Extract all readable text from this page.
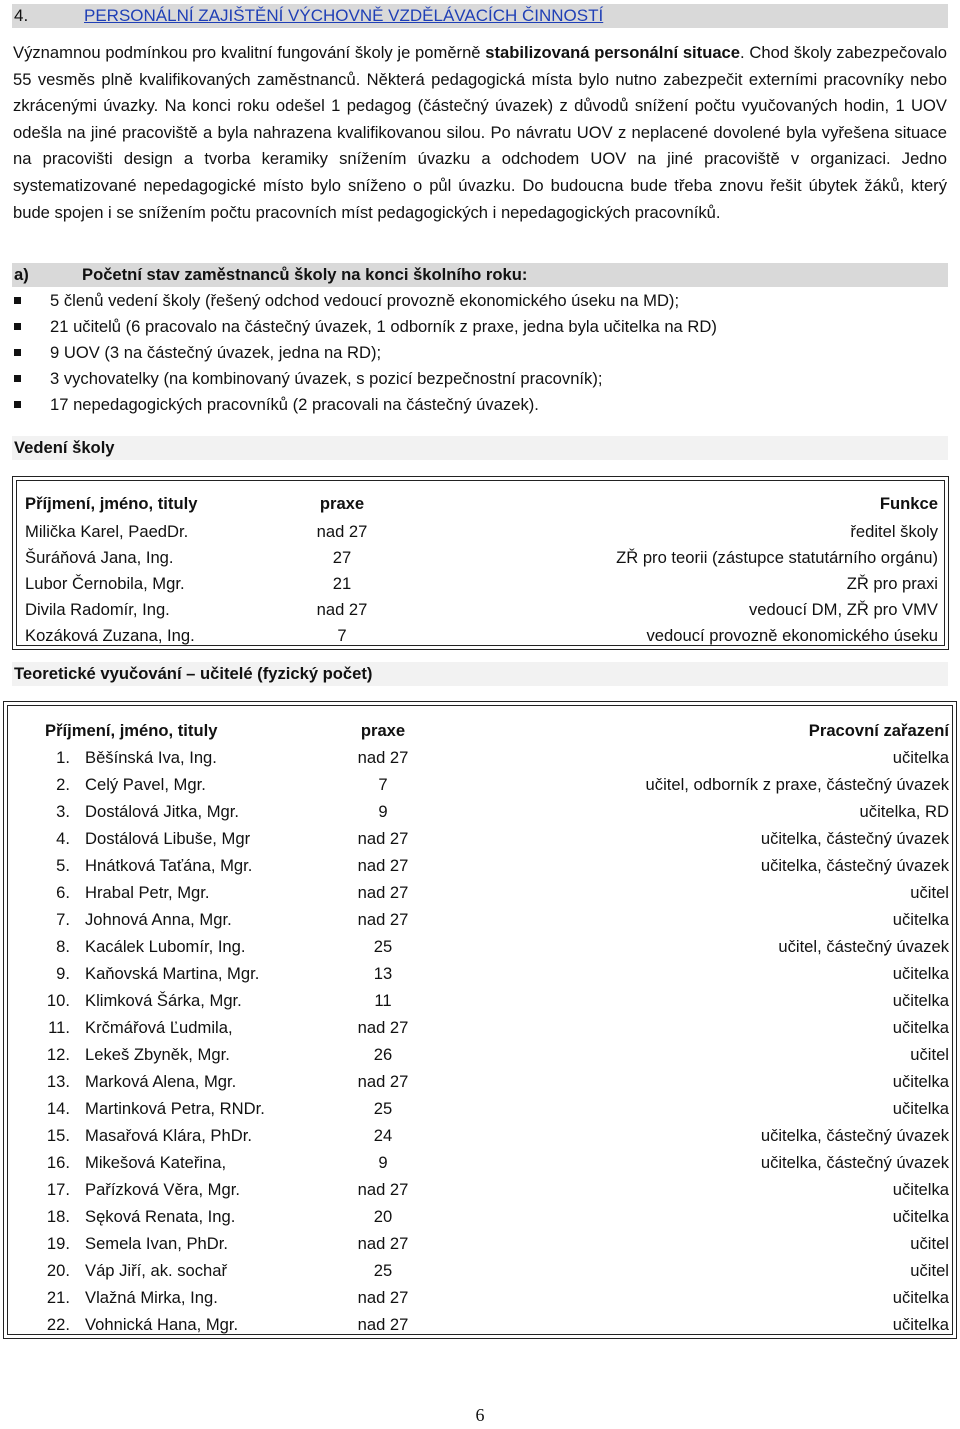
4.	PERSONÁLNÍ ZAJIŠTĚNÍ VÝCHOVNĚ VZDĚLÁVACÍCH ČINNOSTÍ

Významnou podmínkou pro kvalitní fungování školy je poměrně stabilizovaná personální situace. Chod školy zabezpečovalo 55 vesměs plně kvalifikovaných zaměstnanců. Některá pedagogická místa bylo nutno zabezpečit externími pracovníky nebo zkrácenými úvazky. Na konci roku odešel 1 pedagog (částečný úvazek) z důvodů snížení počtu vyučovaných hodin, 1 UOV odešla na jiné pracoviště a byla nahrazena kvalifikovanou silou. Po návratu UOV z neplacené dovolené byla vyřešena situace na pracovišti design a tvorba keramiky snížením úvazku a odchodem UOV na jiné pracoviště v organizaci. Jedno systematizované nepedagogické místo bylo sníženo o půl úvazku. Do budoucna bude třeba znovu řešit úbytek žáků, který bude spojen i se snížením počtu pracovních míst pedagogických i nepedagogických pracovníků.

a)	Početní stav zaměstnanců školy na konci školního roku:
5 členů vedení školy (řešený odchod vedoucí provozně ekonomického úseku na MD);
21 učitelů (6 pracovalo na částečný úvazek, 1 odborník z praxe, jedna byla učitelka na RD)
9 UOV (3 na částečný úvazek, jedna na RD);
3 vychovatelky (na kombinovaný úvazek, s pozicí bezpečnostní pracovník);
17 nepedagogických pracovníků (2 pracovali na částečný úvazek).
Vedení školy
Příjmení, jméno, tituly	praxe	Funkce
Milička Karel, PaedDr.	nad 27	ředitel školy
Šuráňová Jana, Ing.	27	ZŘ pro teorii (zástupce statutárního orgánu)
Lubor Černobila, Mgr.	21	ZŘ pro praxi
Divila Radomír, Ing.	nad 27	vedoucí DM, ZŘ pro VMV
Kozáková Zuzana, Ing.	7	vedoucí provozně ekonomického úseku
Teoretické vyučování – učitelé (fyzický počet)
Příjmení, jméno, tituly	praxe	Pracovní zařazení
1. Běšínská Iva, Ing.	nad 27	učitelka
2. Celý Pavel, Mgr.	7	učitel, odborník z praxe, částečný úvazek
3. Dostálová Jitka, Mgr.	9	učitelka, RD
4. Dostálová Libuše, Mgr	nad 27	učitelka, částečný úvazek
5. Hnátková Taťána, Mgr.	nad 27	učitelka, částečný úvazek
6. Hrabal Petr, Mgr.	nad 27	učitel
7. Johnová Anna, Mgr.	nad 27	učitelka
8. Kacálek Lubomír, Ing.	25	učitel, částečný úvazek
9. Kaňovská Martina, Mgr.	13	učitelka
10. Klimková Šárka, Mgr.	11	učitelka
11. Krčmářová Ľudmila,	nad 27	učitelka
12. Lekeš Zbyněk, Mgr.	26	učitel
13. Marková Alena, Mgr.	nad 27	učitelka
14. Martinková Petra, RNDr.	25	učitelka
15. Masařová Klára, PhDr.	24	učitelka, částečný úvazek
16. Mikešová Kateřina,	9	učitelka, částečný úvazek
17. Pařízková Věra, Mgr.	nad 27	učitelka
18. Sęková Renata, Ing.	20	učitelka
19. Semela Ivan, PhDr.	nad 27	učitel
20. Váp Jiří, ak. sochař	25	učitel
21. Vlažná Mirka, Ing.	nad 27	učitelka
22. Vohnická Hana, Mgr.	nad 27	učitelka
6
